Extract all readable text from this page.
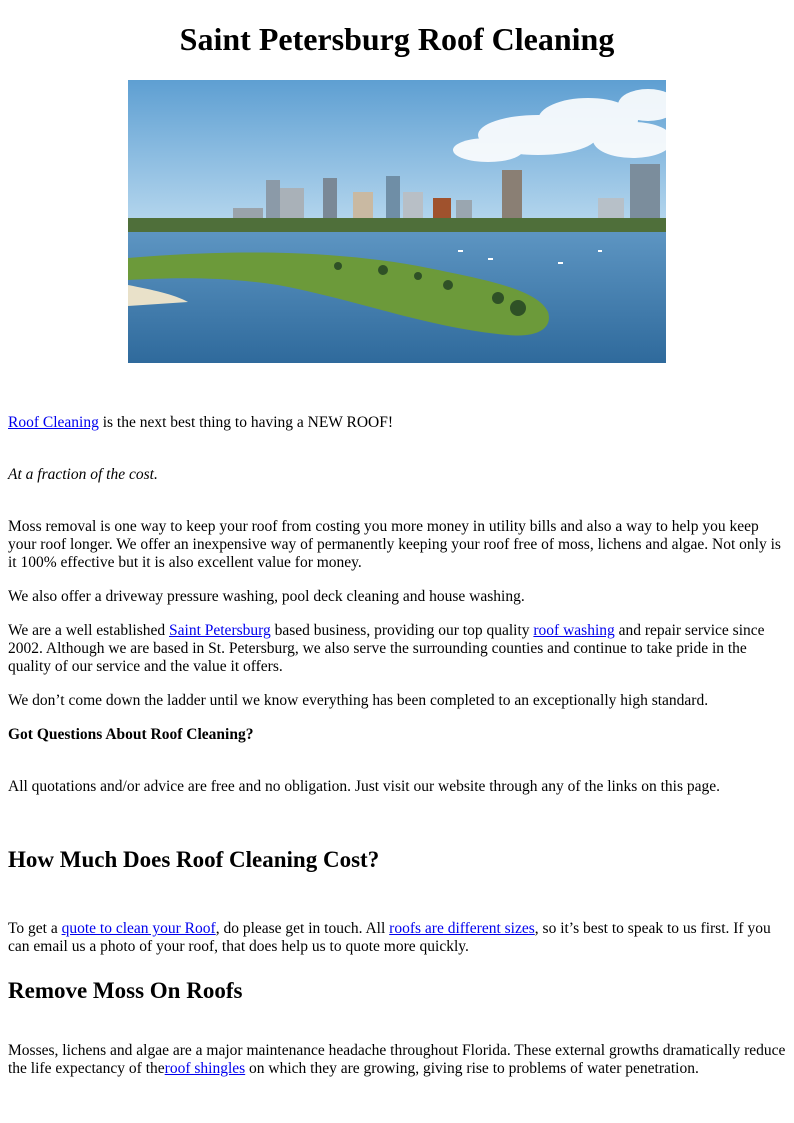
Saint Petersburg Roof Cleaning

Roof Cleaning is the next best thing to having a NEW ROOF!

At a fraction of the cost.

Moss removal is one way to keep your roof from costing you more money in utility bills and also a way to help you keep your roof longer. We offer an inexpensive way of permanently keeping your roof free of moss, lichens and algae. Not only is it 100% effective but it is also excellent value for money.

We also offer a driveway pressure washing, pool deck cleaning and house washing.

We are a well established Saint Petersburg based business, providing our top quality roof washing and repair service since 2002. Although we are based in St. Petersburg, we also serve the surrounding counties and continue to take pride in the quality of our service and the value it offers.

We don’t come down the ladder until we know everything has been completed to an exceptionally high standard.

Got Questions About Roof Cleaning?

All quotations and/or advice are free and no obligation. Just visit our website through any of the links on this page.

How Much Does Roof Cleaning Cost?

To get a quote to clean your Roof, do please get in touch. All roofs are different sizes, so it’s best to speak to us first. If you can email us a photo of your roof, that does help us to quote more quickly.

Remove Moss On Roofs

Mosses, lichens and algae are a major maintenance headache throughout Florida. These external growths dramatically reduce the life expectancy of theroof shingles on which they are growing, giving rise to problems of water penetration.
